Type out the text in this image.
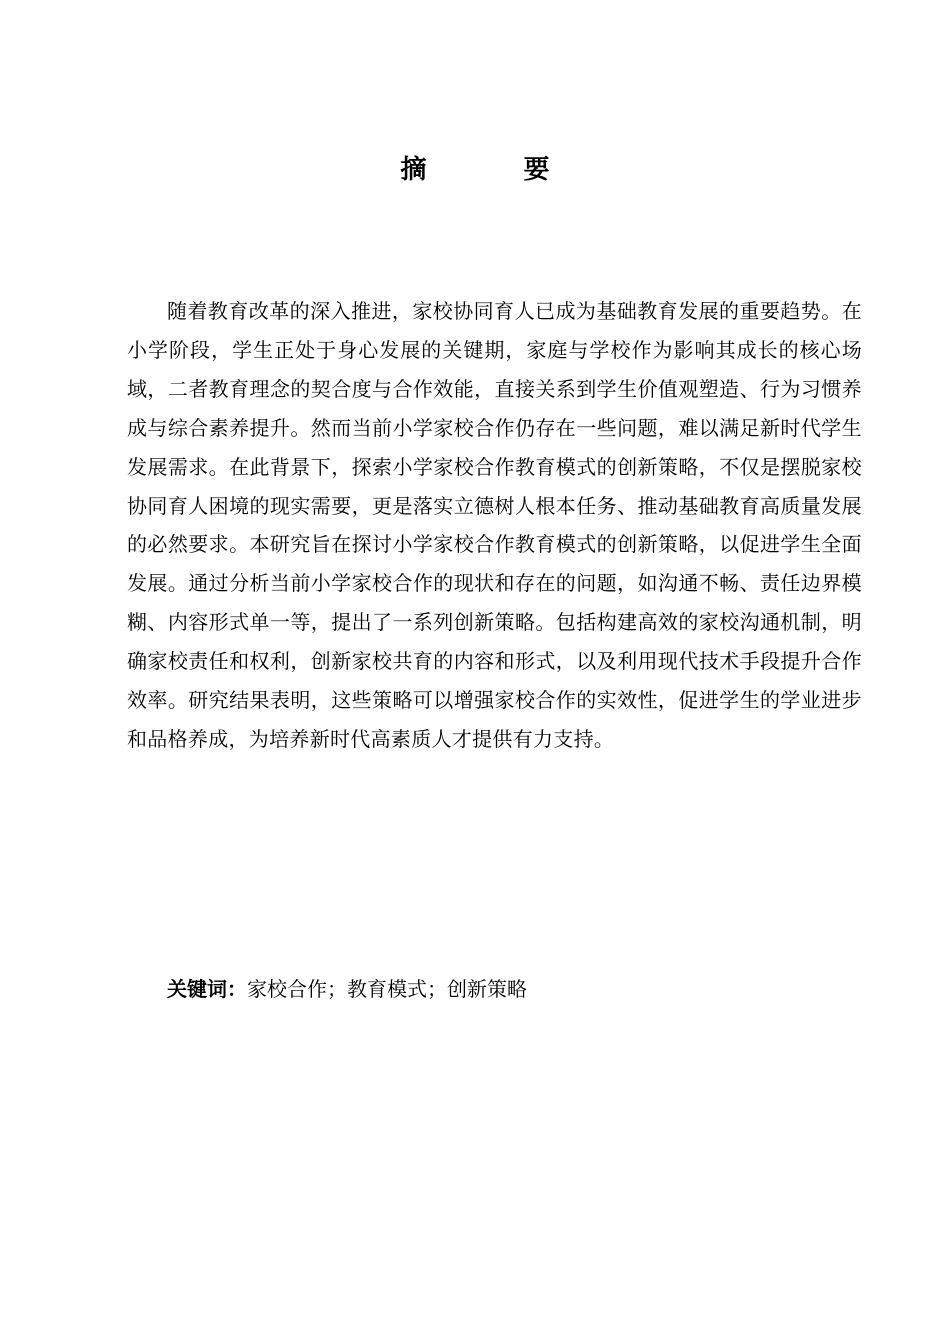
摘 要

随着教育改革的深入推进，家校协同育人已成为基础教育发展的重要趋势。在小学阶段，学生正处于身心发展的关键期，家庭与学校作为影响其成长的核心场域，二者教育理念的契合度与合作效能，直接关系到学生价值观塑造、行为习惯养成与综合素养提升。然而当前小学家校合作仍存在一些问题，难以满足新时代学生发展需求。在此背景下，探索小学家校合作教育模式的创新策略，不仅是摆脱家校协同育人困境的现实需要，更是落实立德树人根本任务、推动基础教育高质量发展的必然要求。本研究旨在探讨小学家校合作教育模式的创新策略，以促进学生全面发展。通过分析当前小学家校合作的现状和存在的问题，如沟通不畅、责任边界模糊、内容形式单一等，提出了一系列创新策略。包括构建高效的家校沟通机制，明确家校责任和权利，创新家校共育的内容和形式，以及利用现代技术手段提升合作效率。研究结果表明，这些策略可以增强家校合作的实效性，促进学生的学业进步和品格养成，为培养新时代高素质人才提供有力支持。

关键词：家校合作；教育模式；创新策略
